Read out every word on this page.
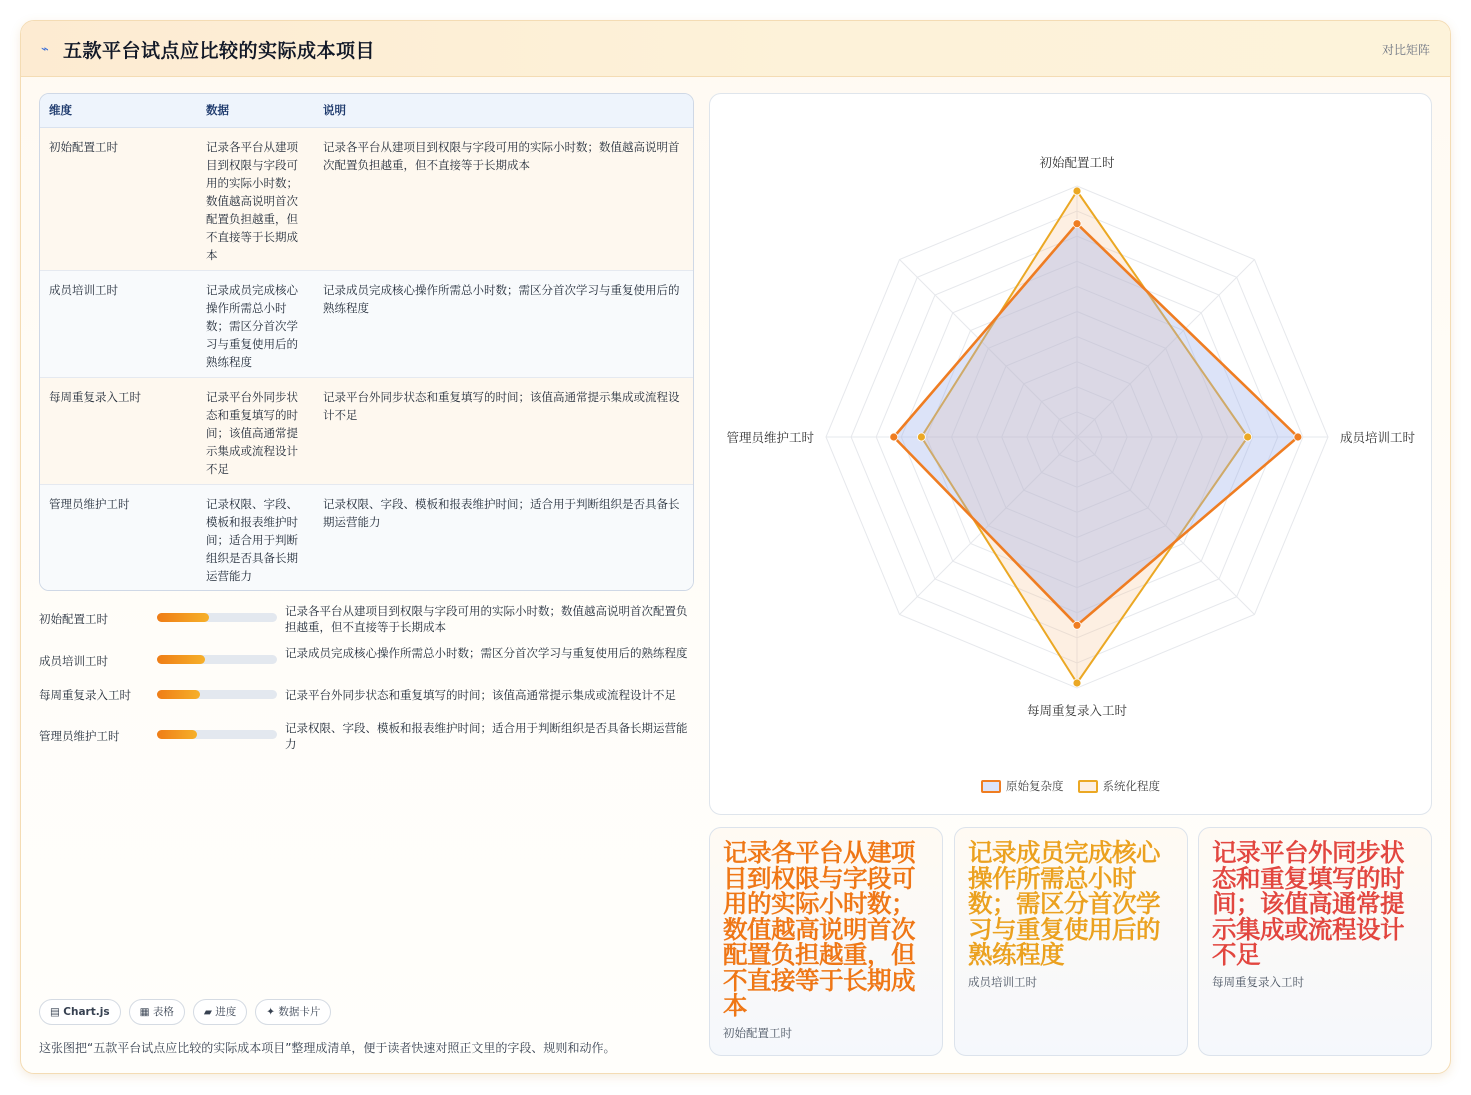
⌁ 五款平台试点应比较的实际成本项目	对比矩阵
维度	数据	说明
初始配置工时	记录各平台从建项目到权限与字段可用的实际小时数；数值越高说明首次配置负担越重，但不直接等于长期成本	记录各平台从建项目到权限与字段可用的实际小时数；数值越高说明首次配置负担越重，但不直接等于长期成本
成员培训工时	记录成员完成核心操作所需总小时数；需区分首次学习与重复使用后的熟练程度	记录成员完成核心操作所需总小时数；需区分首次学习与重复使用后的熟练程度
每周重复录入工时	记录平台外同步状态和重复填写的时间；该值高通常提示集成或流程设计不足	记录平台外同步状态和重复填写的时间；该值高通常提示集成或流程设计不足
管理员维护工时	记录权限、字段、模板和报表维护时间；适合用于判断组织是否具备长期运营能力	记录权限、字段、模板和报表维护时间；适合用于判断组织是否具备长期运营能力
初始配置工时
记录各平台从建项目到权限与字段可用的实际小时数；数值越高说明首次配置负担越重，但不直接等于长期成本
成员培训工时
记录成员完成核心操作所需总小时数；需区分首次学习与重复使用后的熟练程度
每周重复录入工时	记录平台外同步状态和重复填写的时间；该值高通常提示集成或流程设计不足
管理员维护工时
记录权限、字段、模板和报表维护时间；适合用于判断组织是否具备长期运营能力
▤ Chart.js	▦ 表格	▰ 进度	✦ 数据卡片
这张图把“五款平台试点应比较的实际成本项目”整理成清单，便于读者快速对照正文里的字段、规则和动作。
初始配置工时
成员培训工时
每周重复录入工时
管理员维护工时
原始复杂度	系统化程度
记录各平台从建项目到权限与字段可用的实际小时数；数值越高说明首次配置负担越重，但不直接等于长期成本
初始配置工时
记录成员完成核心操作所需总小时数；需区分首次学习与重复使用后的熟练程度
成员培训工时
记录平台外同步状态和重复填写的时间；该值高通常提示集成或流程设计不足
每周重复录入工时
